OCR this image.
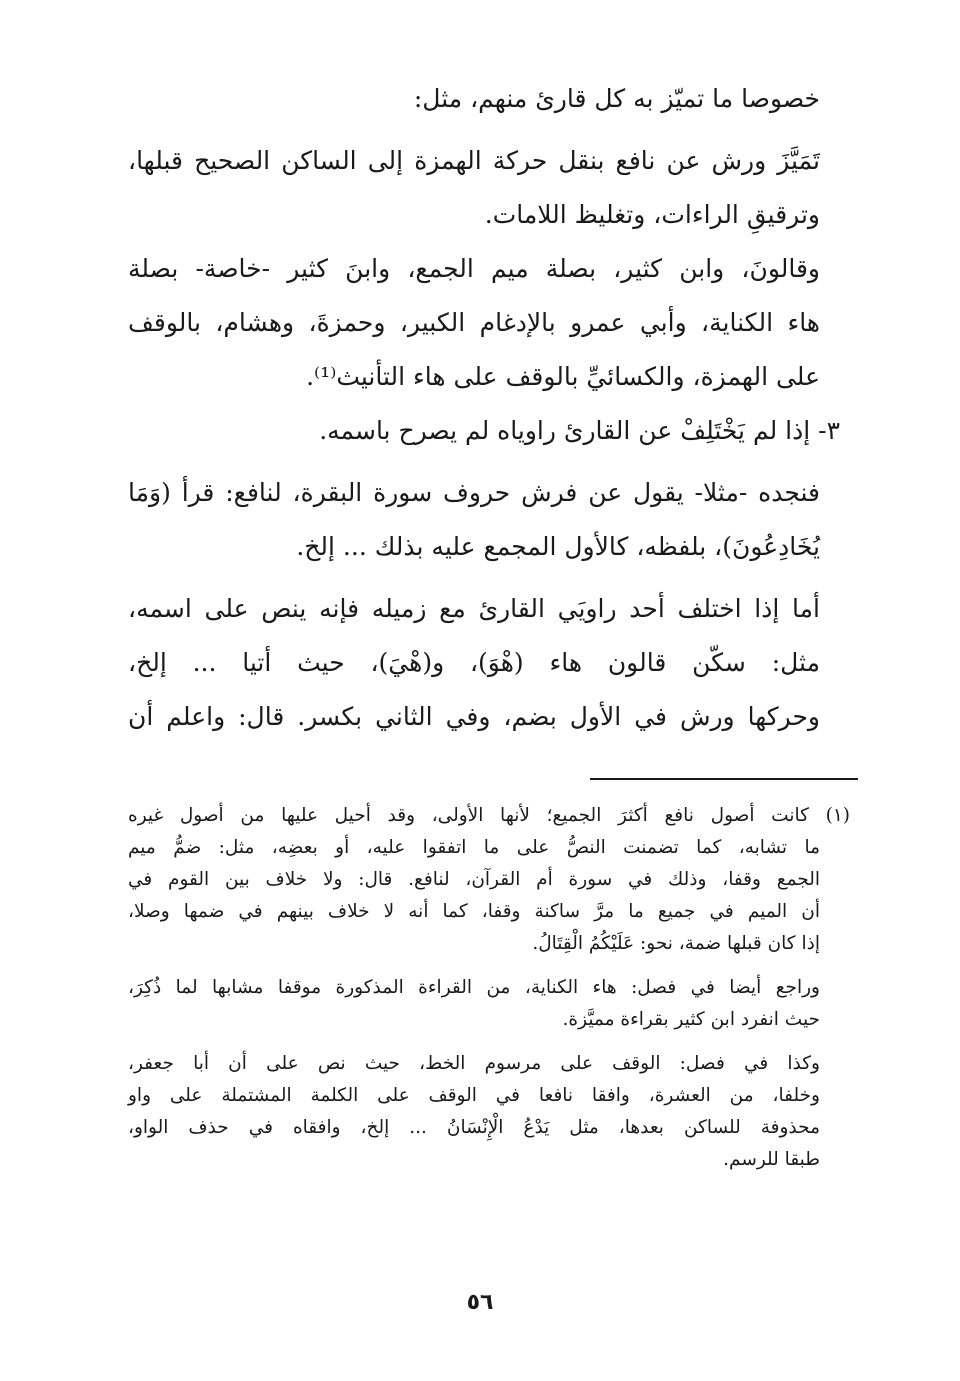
خصوصا ما تميّز به كل قارئ منهم، مثل:
تَمَيَّزَ ورش عن نافع بنقل حركة الهمزة إلى الساكن الصحيح قبلها،
وترقيقِ الراءات، وتغليظ اللامات.
وقالونَ، وابن كثير، بصلة ميم الجمع، وابنَ كثير -خاصة- بصلة
هاء الكناية، وأبي عمرو بالإدغام الكبير، وحمزةَ، وهشام، بالوقف
على الهمزة، والكسائيِّ بالوقف على هاء التأنيث⁽¹⁾.
٣- إذا لم يَخْتَلِفْ عن القارئ راوياه لم يصرح باسمه.
فنجده -مثلا- يقول عن فرش حروف سورة البقرة، لنافع: قرأ (وَمَا
يُخَادِعُونَ)، بلفظه، كالأول المجمع عليه بذلك ... إلخ.
أما إذا اختلف أحد راويَي القارئ مع زميله فإنه ينص على اسمه،
مثل: سكّن قالون هاء (هْوَ)، و(هْيَ)، حيث أتيا ... إلخ،
وحركها ورش في الأول بضم، وفي الثاني بكسر. قال: واعلم أن
(١) كانت أصول نافع أكثرَ الجميع؛ لأنها الأولى، وقد أحيل عليها من أصول غيره
ما تشابه، كما تضمنت النصُّ على ما اتفقوا عليه، أو بعضِه، مثل: ضمُّ ميم
الجمع وقفا، وذلك في سورة أم القرآن، لنافع. قال: ولا خلاف بين القوم في
أن الميم في جميع ما مرَّ ساكنة وقفا، كما أنه لا خلاف بينهم في ضمها وصلا،
إذا كان قبلها ضمة، نحو: عَلَيْكُمُ الْقِتَالُ.
وراجع أيضا في فصل: هاء الكناية، من القراءة المذكورة موقفا مشابها لما ذُكِرَ،
حيث انفرد ابن كثير بقراءة مميَّزة.
وكذا في فصل: الوقف على مرسوم الخط، حيث نص على أن أبا جعفر،
وخلفا، من العشرة، وافقا نافعا في الوقف على الكلمة المشتملة على واو
محذوفة للساكن بعدها، مثل يَدْعُ الْإِنْسَانُ ... إلخ، وافقاه في حذف الواو،
طبقا للرسم.
٥٦
